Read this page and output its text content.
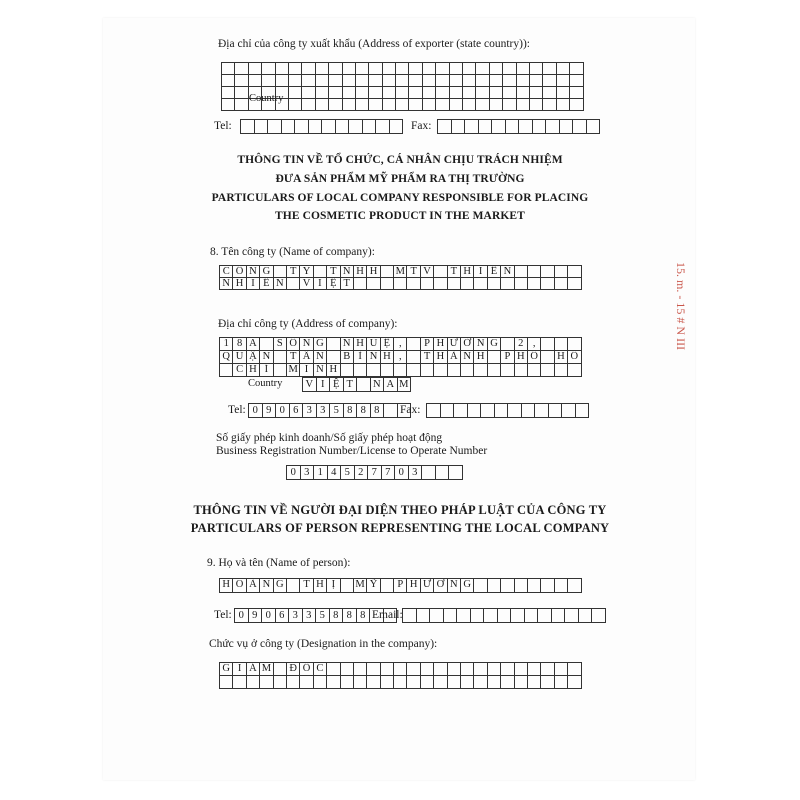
Địa chỉ của công ty xuất khẩu (Address of exporter (state country)):
Country
Tel:	Fax:
THÔNG TIN VỀ TỔ CHỨC, CÁ NHÂN CHỊU TRÁCH NHIỆM
ĐƯA SẢN PHẨM MỸ PHẨM RA THỊ TRƯỜNG
PARTICULARS OF LOCAL COMPANY RESPONSIBLE FOR PLACING
THE COSMETIC PRODUCT IN THE MARKET
8. Tên công ty (Name of company):
C Ô N G	T Y	T N H H	M T V	T H I Ê N
N H I Ê N	V I Ệ T
Địa chỉ công ty (Address of company):
1 8 A	S Ô N G	N H U Ệ ,	P H Ư Ờ N G	2 ,
Q U Ậ N	T Â N	B Ì N H ,	T H À N H	P H Ố	H Ồ
C H Í	M I N H
Country V I Ệ T	N A M
Tel: 0 9 0 6 3 3 5 8 8 8	Fax:
Số giấy phép kinh doanh/Số giấy phép hoạt động
Business Registration Number/License to Operate Number
0 3 1 4 5 2 7 7 0 3
THÔNG TIN VỀ NGƯỜI ĐẠI DIỆN THEO PHÁP LUẬT CỦA CÔNG TY
PARTICULARS OF PERSON REPRESENTING THE LOCAL COMPANY
9. Họ và tên (Name of person):
H O À N G	T H Ị	M Ỹ	P H Ư Ơ N G
Tel: 0 9 0 6 3 3 5 8 8 8 Email:
Chức vụ ở công ty (Designation in the company):
G I Á M Đ Ố C
15. m. - 15 # N III
